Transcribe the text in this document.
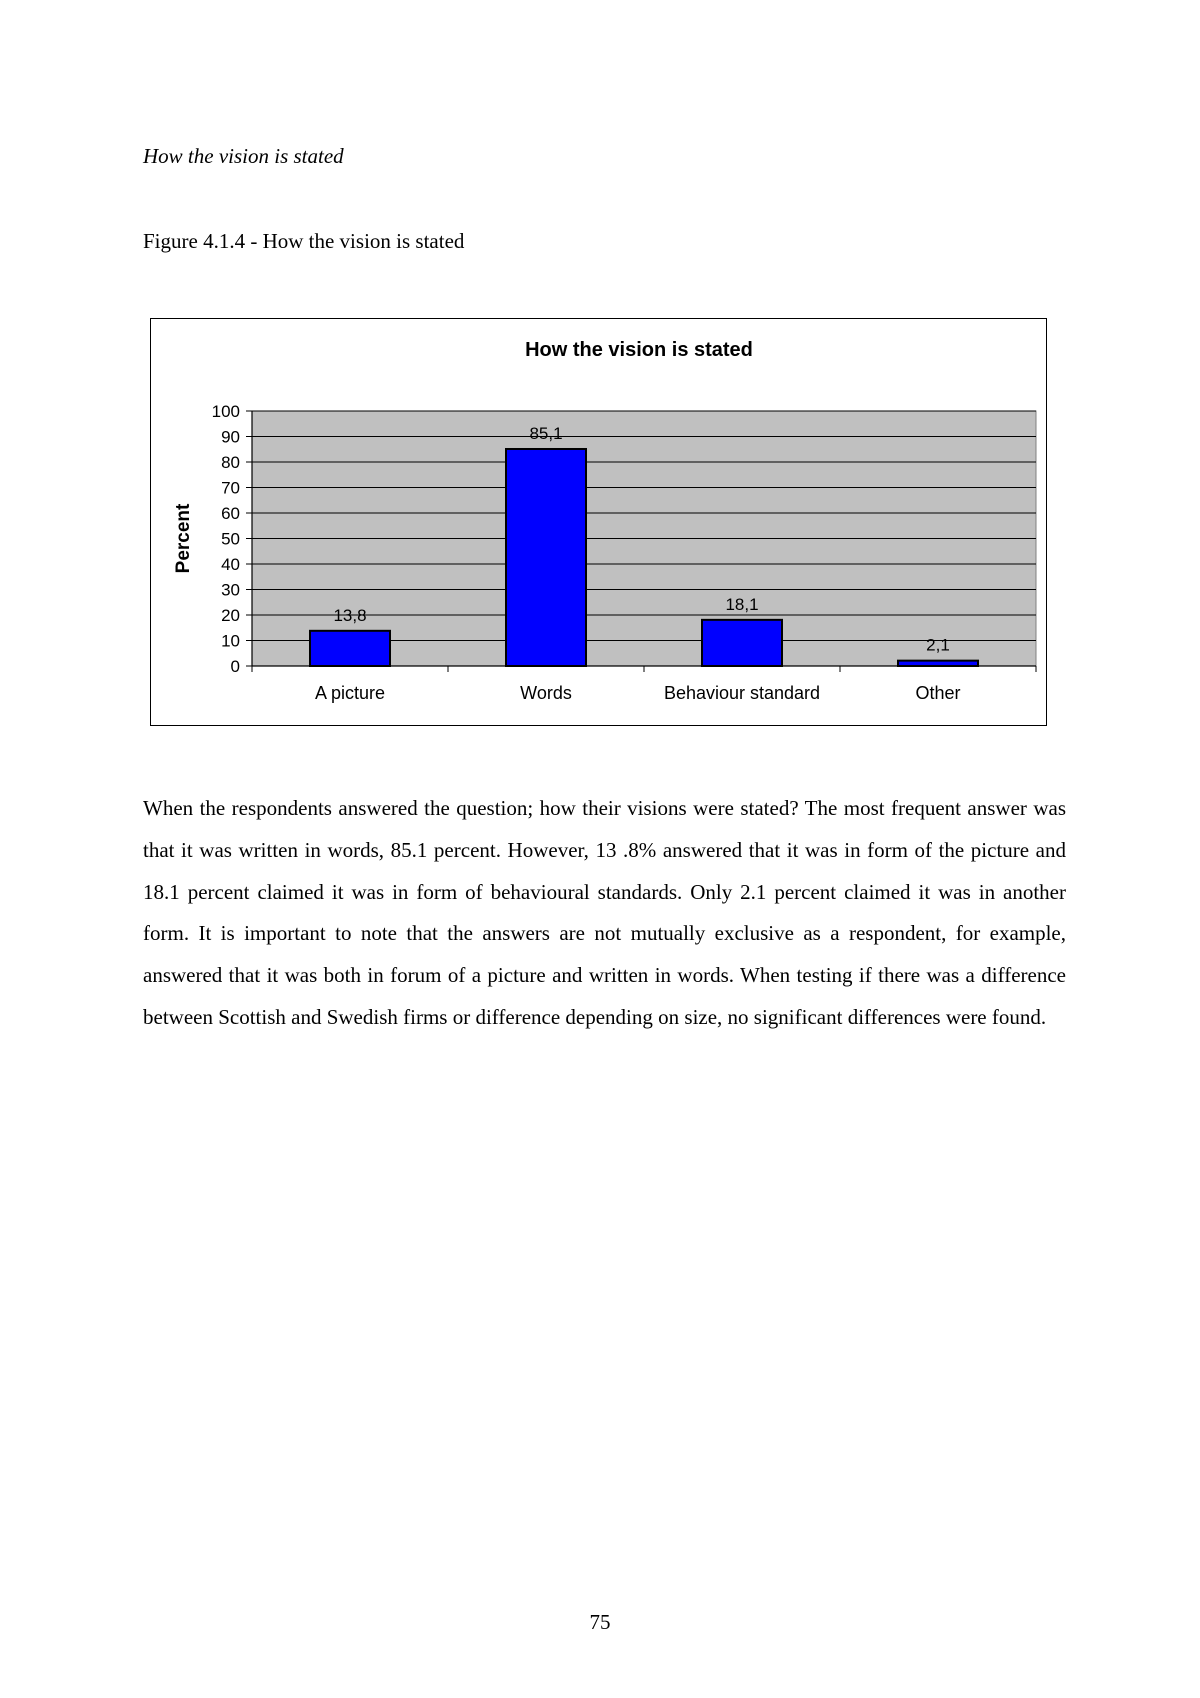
How the vision is stated

Figure 4.1.4 - How the vision is stated

How the vision is stated
0
10
20
30
40
50
60
70
80
90
100
Percent
13,8
A picture
85,1
Words
18,1
Behaviour standard
2,1
Other

When the respondents answered the question; how their visions were stated? The most frequent answer was that it was written in words, 85.1 percent. However, 13 .8% answered that it was in form of the picture and 18.1 percent claimed it was in form of behavioural standards. Only 2.1 percent claimed it was in another form. It is important to note that the answers are not mutually exclusive as a respondent, for example, answered that it was both in forum of a picture and written in words. When testing if there was a difference between Scottish and Swedish firms or difference depending on size, no significant differences were found.

75
